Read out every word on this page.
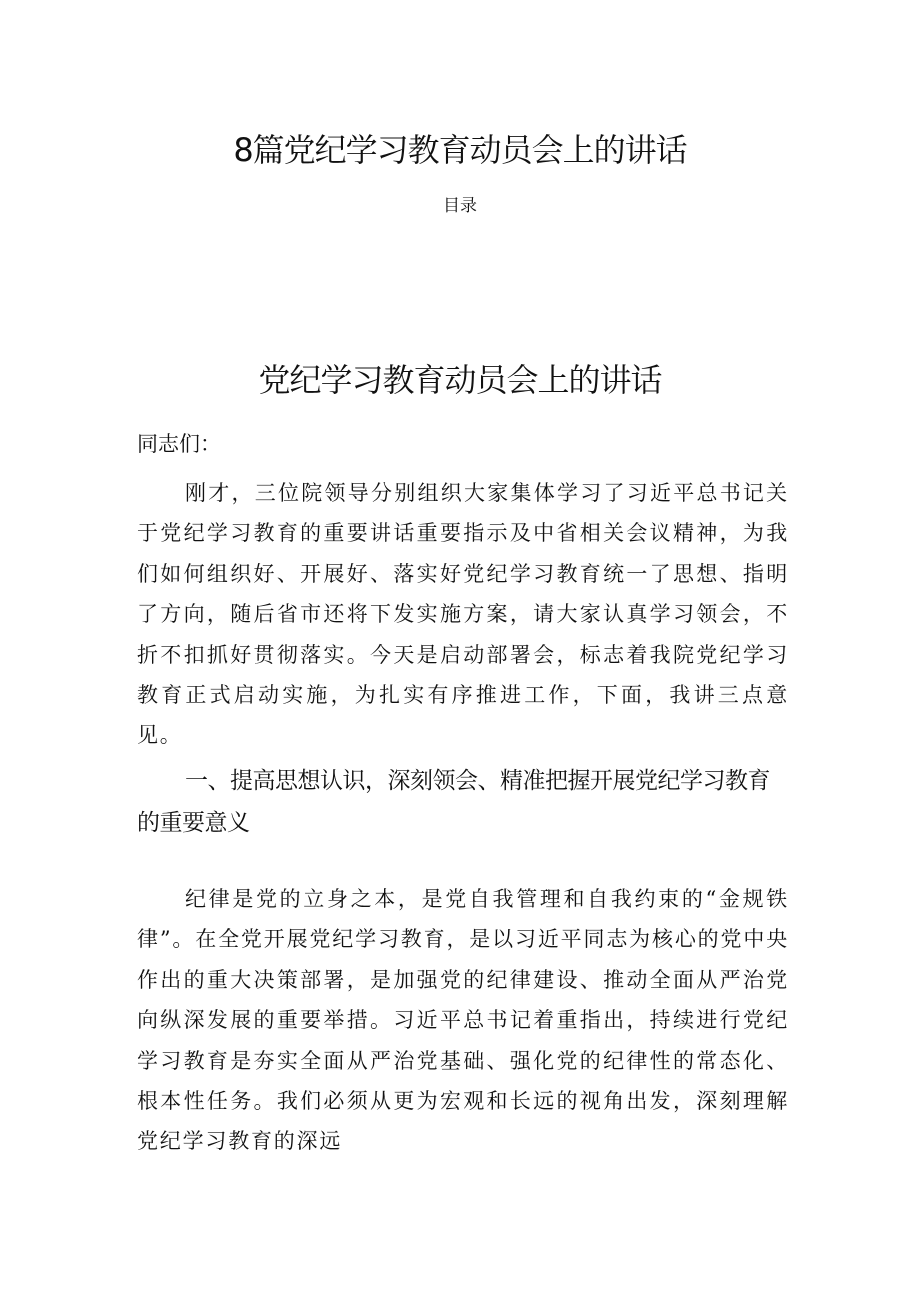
8篇党纪学习教育动员会上的讲话
目录
党纪学习教育动员会上的讲话
同志们：

刚才，三位院领导分别组织大家集体学习了习近平总书记关于党纪学习教育的重要讲话重要指示及中省相关会议精神，为我们如何组织好、开展好、落实好党纪学习教育统一了思想、指明了方向，随后省市还将下发实施方案，请大家认真学习领会，不折不扣抓好贯彻落实。今天是启动部署会，标志着我院党纪学习教育正式启动实施，为扎实有序推进工作，下面，我讲三点意见。

一、提高思想认识，深刻领会、精准把握开展党纪学习教育的重要意义

纪律是党的立身之本，是党自我管理和自我约束的“金规铁律”。在全党开展党纪学习教育，是以习近平同志为核心的党中央作出的重大决策部署，是加强党的纪律建设、推动全面从严治党向纵深发展的重要举措。习近平总书记着重指出，持续进行党纪学习教育是夯实全面从严治党基础、强化党的纪律性的常态化、根本性任务。我们必须从更为宏观和长远的视角出发，深刻理解党纪学习教育的深远
